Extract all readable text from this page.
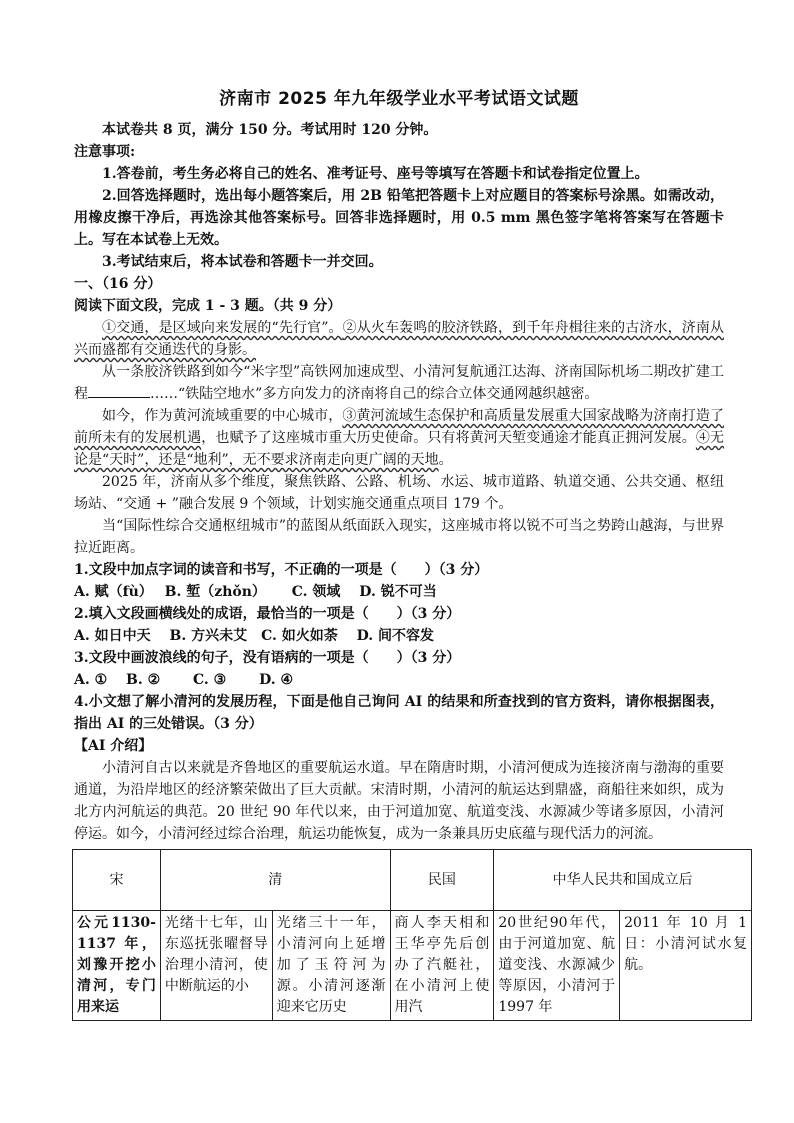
济南市 2025 年九年级学业水平考试语文试题

本试卷共 8 页，满分 150 分。考试用时 120 分钟。

注意事项:

1.答卷前，考生务必将自己的姓名、准考证号、座号等填写在答题卡和试卷指定位置上。

2.回答选择题时，选出每小题答案后，用 2B 铅笔把答题卡上对应题目的答案标号涂黑。如需改动，用橡皮擦干净后，再选涂其他答案标号。回答非选择题时，用 0.5 mm 黑色签字笔将答案写在答题卡上。写在本试卷上无效。

3.考试结束后，将本试卷和答题卡一并交回。

一、（16 分）

阅读下面文段，完成 1 - 3 题。（共 9 分）

①交通，是区域向来发展的“先行官”。②从火车轰鸣的胶济铁路，到千年舟楫往来的古济水，济南从兴而盛都有交通迭代的身影。

从一条胶济铁路到如今“米字型”高铁网加速成型、小清河复航通江达海、济南国际机场二期改扩建工程	……“铁陆空地水”多方向发力的济南将自己的综合立体交通网越织越密。

如今，作为黄河流域重要的中心城市，③黄河流域生态保护和高质量发展重大国家战略为济南打造了前所未有的发展机遇，也赋予了这座城市重大历史使命。只有将黄河天堑变通途才能真正拥河发展。④无论是“天时”，还是“地利”，无不要求济南走向更广阔的天地。

2025 年，济南从多个维度，聚焦铁路、公路、机场、水运、城市道路、轨道交通、公共交通、枢纽场站、“交通 + ”融合发展 9 个领域，计划实施交通重点项目 179 个。

当“国际性综合交通枢纽城市”的蓝图从纸面跃入现实，这座城市将以锐不可当之势跨山越海，与世界拉近距离。

1.文段中加点字词的读音和书写，不正确的一项是（　　）（3 分）

A. 赋（fù）　 B. 堑（zhǒn）　　 C. 领域　 D. 锐不可当

2.填入文段画横线处的成语，最恰当的一项是（　　）（3 分）

A. 如日中天　 B. 方兴未艾　C. 如火如荼　 D. 间不容发

3.文段中画波浪线的句子，没有语病的一项是（　　）（3 分）

A. ①　 B. ②　　 C. ③　　 D. ④

4.小文想了解小清河的发展历程，下面是他自己询问 AI 的结果和所查找到的官方资料，请你根据图表，指出 AI 的三处错误。（3 分）

【AI 介绍】

小清河自古以来就是齐鲁地区的重要航运水道。早在隋唐时期，小清河便成为连接济南与渤海的重要通道，为沿岸地区的经济繁荣做出了巨大贡献。宋清时期，小清河的航运达到鼎盛，商船往来如织，成为北方内河航运的典范。20 世纪 90 年代以来，由于河道加宽、航道变浅、水源减少等诸多原因，小清河停运。如今，小清河经过综合治理，航运功能恢复，成为一条兼具历史底蕴与现代活力的河流。

宋	清		民国	中华人民共和国成立后	
公元1130-1137 年，刘豫开挖小清河，专门用来运	光绪十七年，山东巡抚张曜督导治理小清河，使中断航运的小	光绪三十一年，小清河向上延增加了玉符河为源。小清河逐渐迎来它历史	商人李天相和王华亭先后创办了汽艇社，在小清河上使用汽	20世纪90年代，由于河道加宽、航道变浅、水源减少等原因，小清河于 1997 年	2011 年 10 月 1 日：小清河试水复航。
